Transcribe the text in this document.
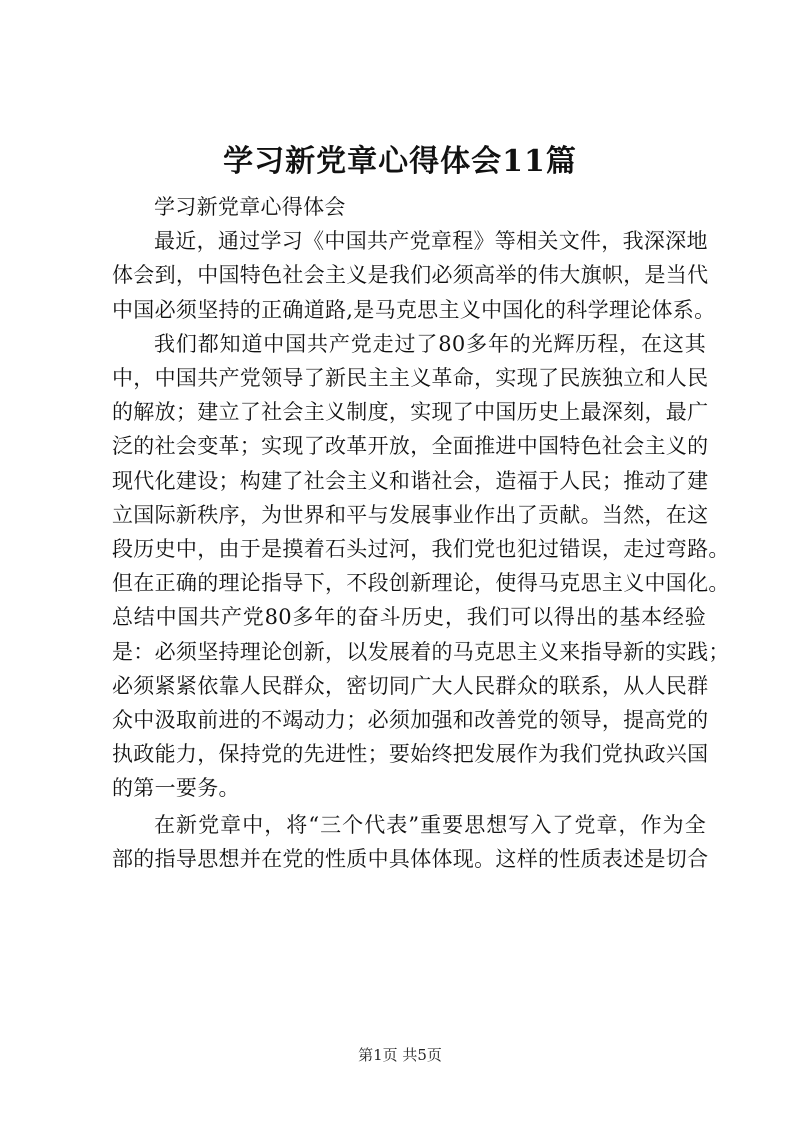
学习新党章心得体会11篇
学习新党章心得体会
最近，通过学习《中国共产党章程》等相关文件，我深深地
体会到，中国特色社会主义是我们必须高举的伟大旗帜，是当代
中国必须坚持的正确道路,是马克思主义中国化的科学理论体系。
我们都知道中国共产党走过了80多年的光辉历程，在这其
中，中国共产党领导了新民主主义革命，实现了民族独立和人民
的解放；建立了社会主义制度，实现了中国历史上最深刻，最广
泛的社会变革；实现了改革开放，全面推进中国特色社会主义的
现代化建设；构建了社会主义和谐社会，造福于人民；推动了建
立国际新秩序，为世界和平与发展事业作出了贡献。当然，在这
段历史中，由于是摸着石头过河，我们党也犯过错误，走过弯路。
但在正确的理论指导下，不段创新理论，使得马克思主义中国化。
总结中国共产党80多年的奋斗历史，我们可以得出的基本经验
是：必须坚持理论创新，以发展着的马克思主义来指导新的实践；
必须紧紧依靠人民群众，密切同广大人民群众的联系，从人民群
众中汲取前进的不竭动力；必须加强和改善党的领导，提高党的
执政能力，保持党的先进性；要始终把发展作为我们党执政兴国
的第一要务。
在新党章中，将“三个代表”重要思想写入了党章，作为全
部的指导思想并在党的性质中具体体现。这样的性质表述是切合
第1页 共5页
